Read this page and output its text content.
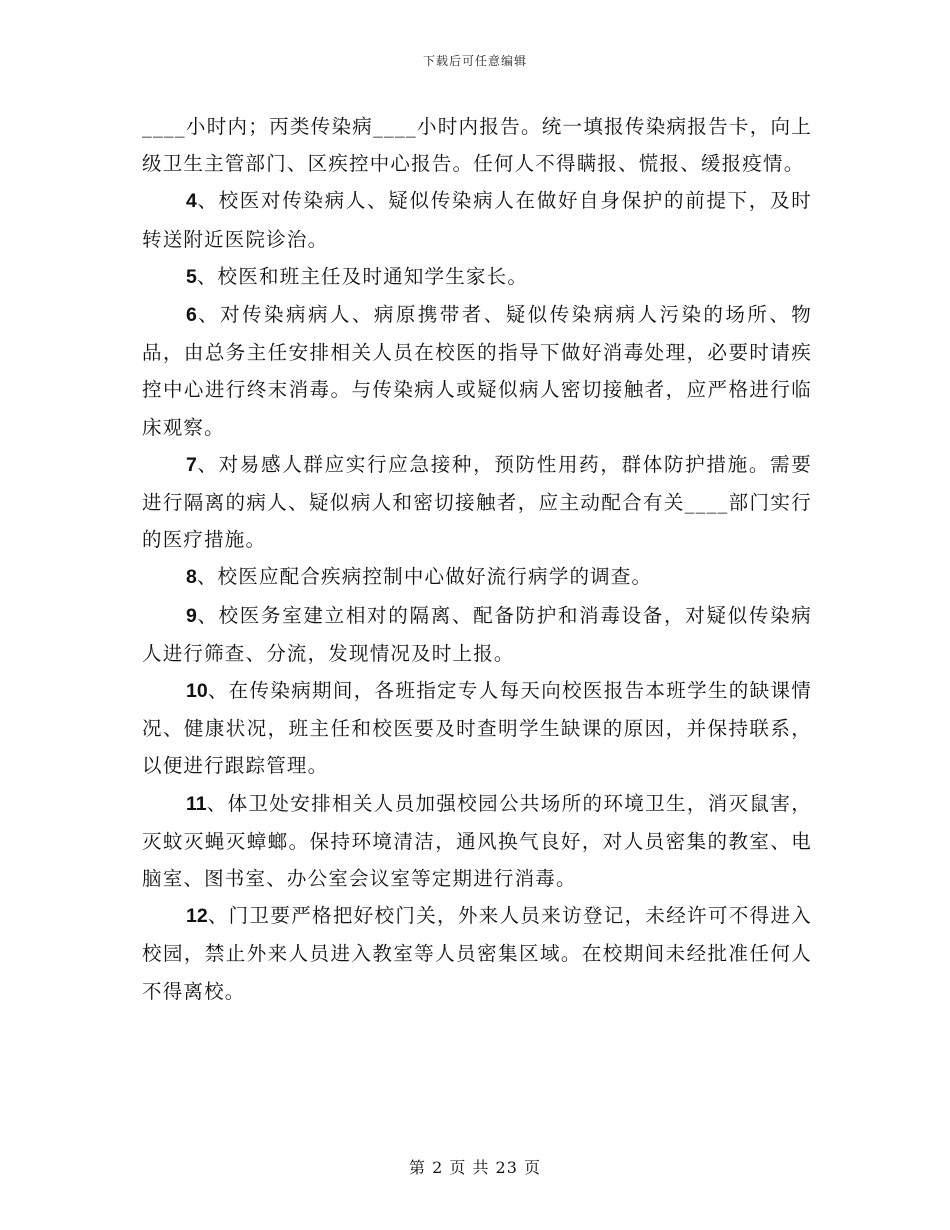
下载后可任意编辑

____小时内；丙类传染病____小时内报告。统一填报传染病报告卡，向上级卫生主管部门、区疾控中心报告。任何人不得瞒报、慌报、缓报疫情。

4、校医对传染病人、疑似传染病人在做好自身保护的前提下，及时转送附近医院诊治。

5、校医和班主任及时通知学生家长。

6、对传染病病人、病原携带者、疑似传染病病人污染的场所、物品，由总务主任安排相关人员在校医的指导下做好消毒处理，必要时请疾控中心进行终末消毒。与传染病人或疑似病人密切接触者，应严格进行临床观察。

7、对易感人群应实行应急接种，预防性用药，群体防护措施。需要进行隔离的病人、疑似病人和密切接触者，应主动配合有关____部门实行的医疗措施。

8、校医应配合疾病控制中心做好流行病学的调查。

9、校医务室建立相对的隔离、配备防护和消毒设备，对疑似传染病人进行筛查、分流，发现情况及时上报。

10、在传染病期间，各班指定专人每天向校医报告本班学生的缺课情况、健康状况，班主任和校医要及时查明学生缺课的原因，并保持联系，以便进行跟踪管理。

11、体卫处安排相关人员加强校园公共场所的环境卫生，消灭鼠害，灭蚊灭蝇灭蟑螂。保持环境清洁，通风换气良好，对人员密集的教室、电脑室、图书室、办公室会议室等定期进行消毒。

12、门卫要严格把好校门关，外来人员来访登记，未经许可不得进入校园，禁止外来人员进入教室等人员密集区域。在校期间未经批准任何人不得离校。

第 2 页 共 23 页
